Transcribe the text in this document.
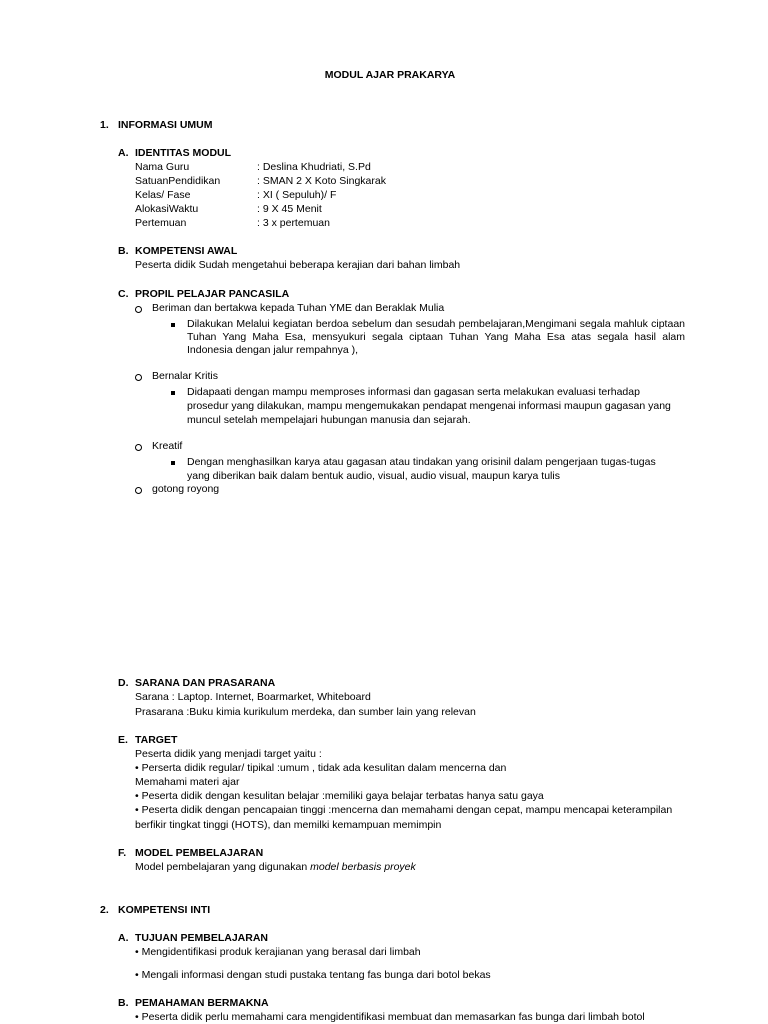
MODUL AJAR PRAKARYA
1. INFORMASI UMUM
A. IDENTITAS MODUL
Nama Guru	: Deslina Khudriati, S.Pd
SatuanPendidikan	: SMAN 2 X Koto Singkarak
Kelas/ Fase	: XI ( Sepuluh)/ F
AlokasiWaktu	: 9 X 45 Menit
Pertemuan	: 3 x pertemuan
B. KOMPETENSI AWAL
Peserta didik Sudah mengetahui beberapa kerajian dari bahan limbah
C. PROPIL PELAJAR PANCASILA
Beriman dan bertakwa kepada Tuhan YME dan Beraklak Mulia
Dilakukan Melalui kegiatan berdoa sebelum dan sesudah pembelajaran,Mengimani segala mahluk ciptaan Tuhan Yang Maha Esa, mensyukuri segala ciptaan Tuhan Yang Maha Esa atas segala hasil alam Indonesia dengan jalur rempahnya ),
Bernalar Kritis
Didapaati dengan mampu memproses informasi dan gagasan serta melakukan evaluasi terhadap
prosedur yang dilakukan, mampu mengemukakan pendapat mengenai informasi maupun gagasan yang
muncul setelah mempelajari hubungan manusia dan sejarah.
Kreatif
Dengan menghasilkan karya atau gagasan atau tindakan yang orisinil dalam pengerjaan tugas-tugas
yang diberikan baik dalam bentuk audio, visual, audio visual, maupun karya tulis
gotong royong
D. SARANA DAN PRASARANA
Sarana : Laptop. Internet, Boarmarket, Whiteboard
Prasarana :Buku kimia kurikulum merdeka, dan sumber lain yang relevan
E. TARGET
Peserta didik yang menjadi target yaitu :
• Perserta didik regular/ tipikal :umum , tidak ada kesulitan dalam mencerna dan
Memahami materi ajar
• Peserta didik dengan kesulitan belajar :memiliki gaya belajar terbatas hanya satu gaya
• Peserta didik dengan pencapaian tinggi :mencerna dan memahami dengan cepat, mampu mencapai keterampilan
berfikir tingkat tinggi (HOTS), dan memilki kemampuan memimpin
F. MODEL PEMBELAJARAN
Model pembelajaran yang digunakan model berbasis proyek
2. KOMPETENSI INTI
A. TUJUAN PEMBELAJARAN
• Mengidentifikasi produk kerajianan yang berasal dari limbah
• Mengali informasi dengan studi pustaka tentang fas bunga dari botol bekas
B. PEMAHAMAN BERMAKNA
• Peserta didik perlu memahami cara mengidentifikasi membuat dan memasarkan fas bunga dari limbah botol
